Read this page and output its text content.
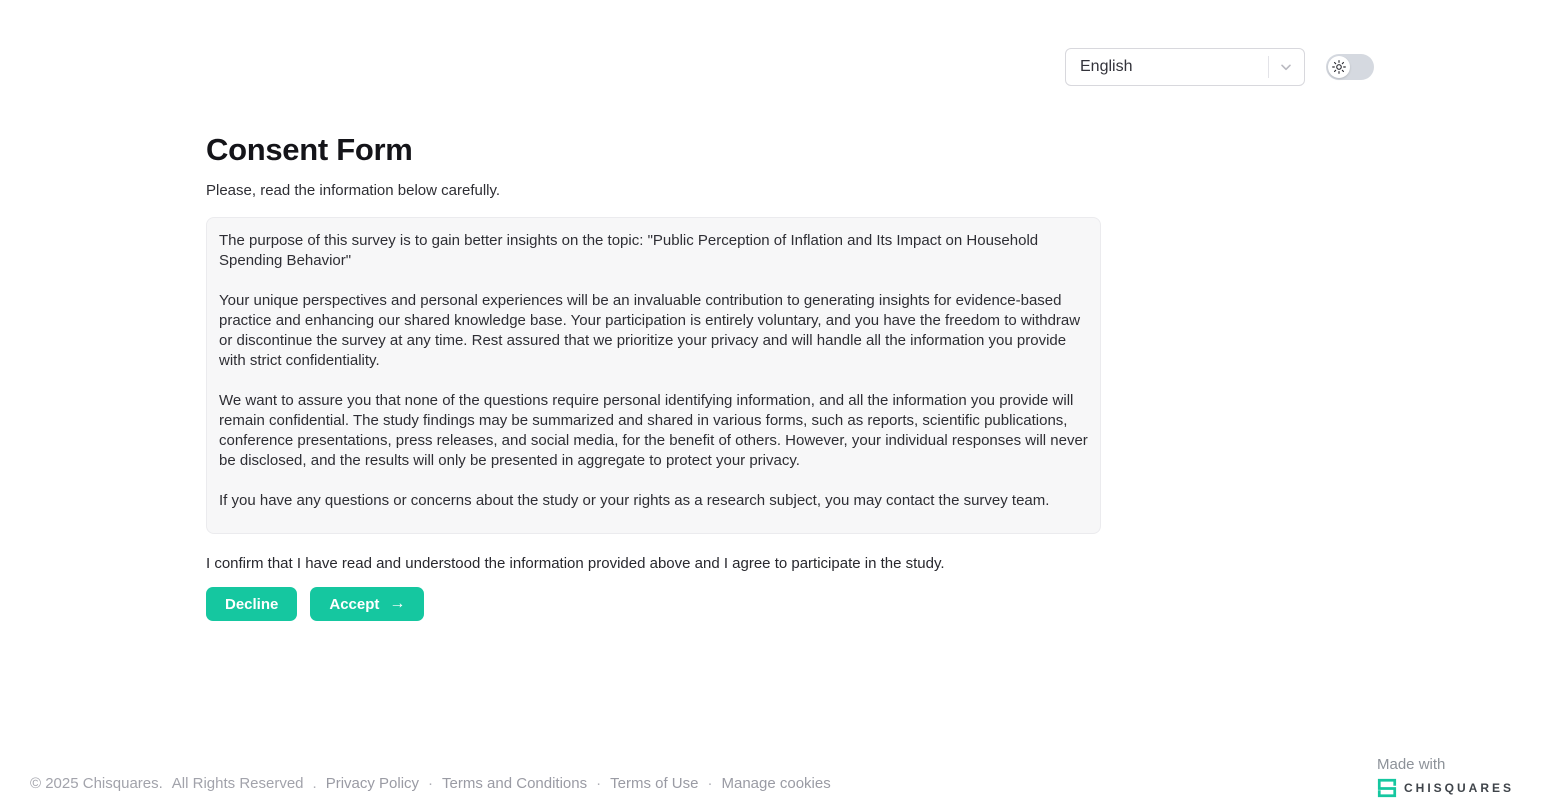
English
Consent Form

Please, read the information below carefully.

The purpose of this survey is to gain better insights on the topic: "Public Perception of Inflation and Its Impact on Household Spending Behavior"

Your unique perspectives and personal experiences will be an invaluable contribution to generating insights for evidence-based practice and enhancing our shared knowledge base. Your participation is entirely voluntary, and you have the freedom to withdraw or discontinue the survey at any time. Rest assured that we prioritize your privacy and will handle all the information you provide with strict confidentiality.

We want to assure you that none of the questions require personal identifying information, and all the information you provide will remain confidential. The study findings may be summarized and shared in various forms, such as reports, scientific publications, conference presentations, press releases, and social media, for the benefit of others. However, your individual responses will never be disclosed, and the results will only be presented in aggregate to protect your privacy.

If you have any questions or concerns about the study or your rights as a research subject, you may contact the survey team.

I confirm that I have read and understood the information provided above and I agree to participate in the study.

Decline	Accept →
© 2025 Chisquares. All Rights Reserved . Privacy Policy · Terms and Conditions · Terms of Use · Manage cookies
Made with
CHISQUARES
